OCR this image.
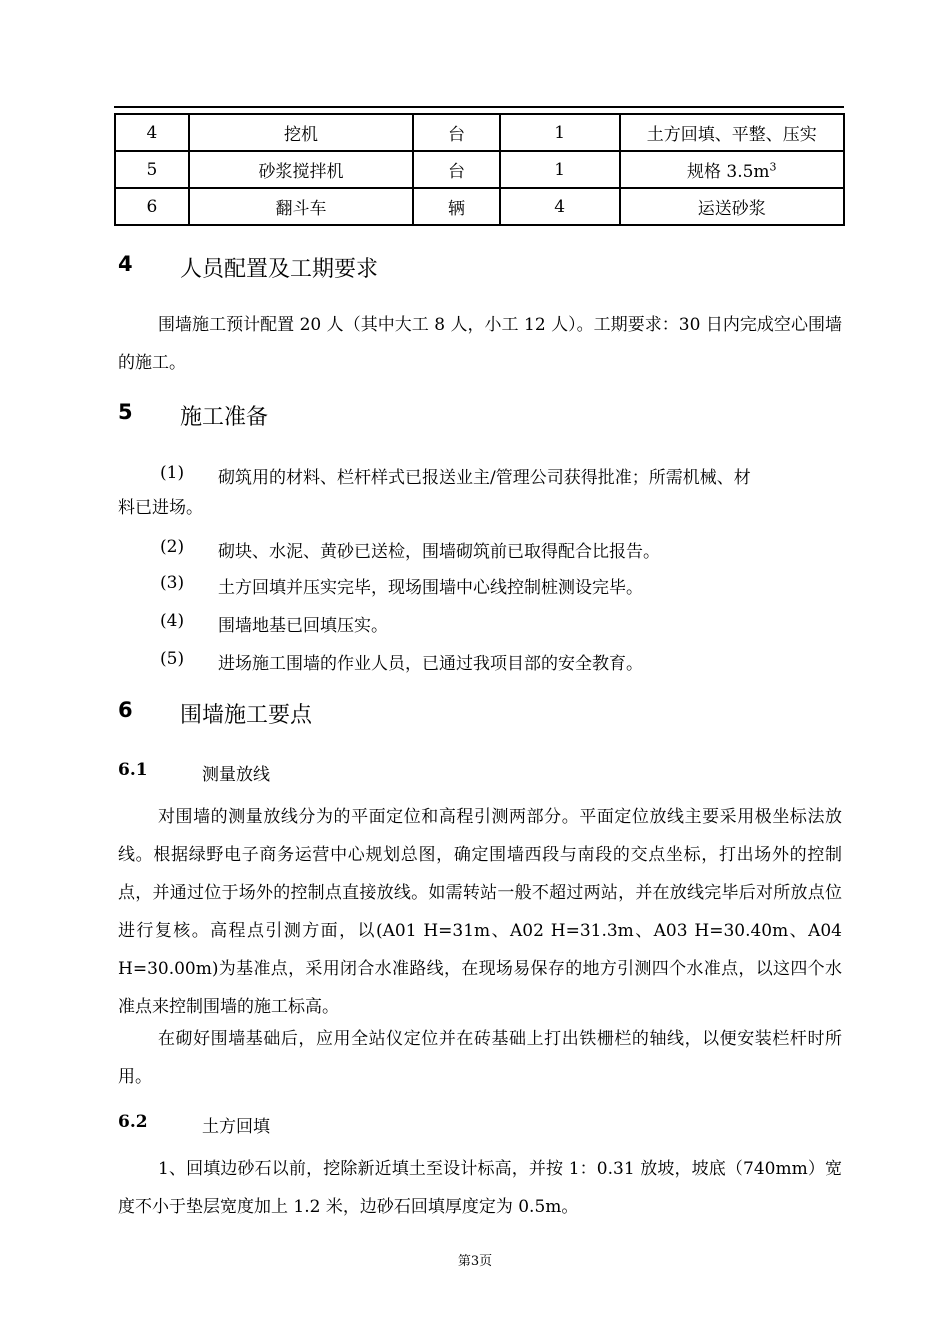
4	挖机	台	1	土方回填、平整、压实
5	砂浆搅拌机	台	1	规格 $3.5m^3$
6	翻斗车	辆	4	运送砂浆
4	人员配置及工期要求
围墙施工预计配置 20 人（其中大工 8 人，小工 12 人）。工期要求：30 日内完成空心围墙的施工。
5	施工准备
(1)	砌筑用的材料、栏杆样式已报送业主/管理公司获得批准；所需机械、材
料已进场。
(2)	砌块、水泥、黄砂已送检，围墙砌筑前已取得配合比报告。
(3)	土方回填并压实完毕，现场围墙中心线控制桩测设完毕。
(4)	围墙地基已回填压实。
(5)	进场施工围墙的作业人员，已通过我项目部的安全教育。
6	围墙施工要点
6.1	测量放线
对围墙的测量放线分为的平面定位和高程引测两部分。平面定位放线主要采用极坐标法放线。根据绿野电子商务运营中心规划总图，确定围墙西段与南段的交点坐标，打出场外的控制点，并通过位于场外的控制点直接放线。如需转站一般不超过两站，并在放线完毕后对所放点位进行复核。高程点引测方面，以(A01 H=31m、A02 H=31.3m、A03 H=30.40m、A04 H=30.00m)为基准点，采用闭合水准路线，在现场易保存的地方引测四个水准点，以这四个水准点来控制围墙的施工标高。
在砌好围墙基础后，应用全站仪定位并在砖基础上打出铁栅栏的轴线，以便安装栏杆时所用。
6.2	土方回填
1、回填边砂石以前，挖除新近填土至设计标高，并按 1：0.31 放坡，坡底（740mm）宽度不小于垫层宽度加上 1.2 米，边砂石回填厚度定为 0.5m。
第3页
